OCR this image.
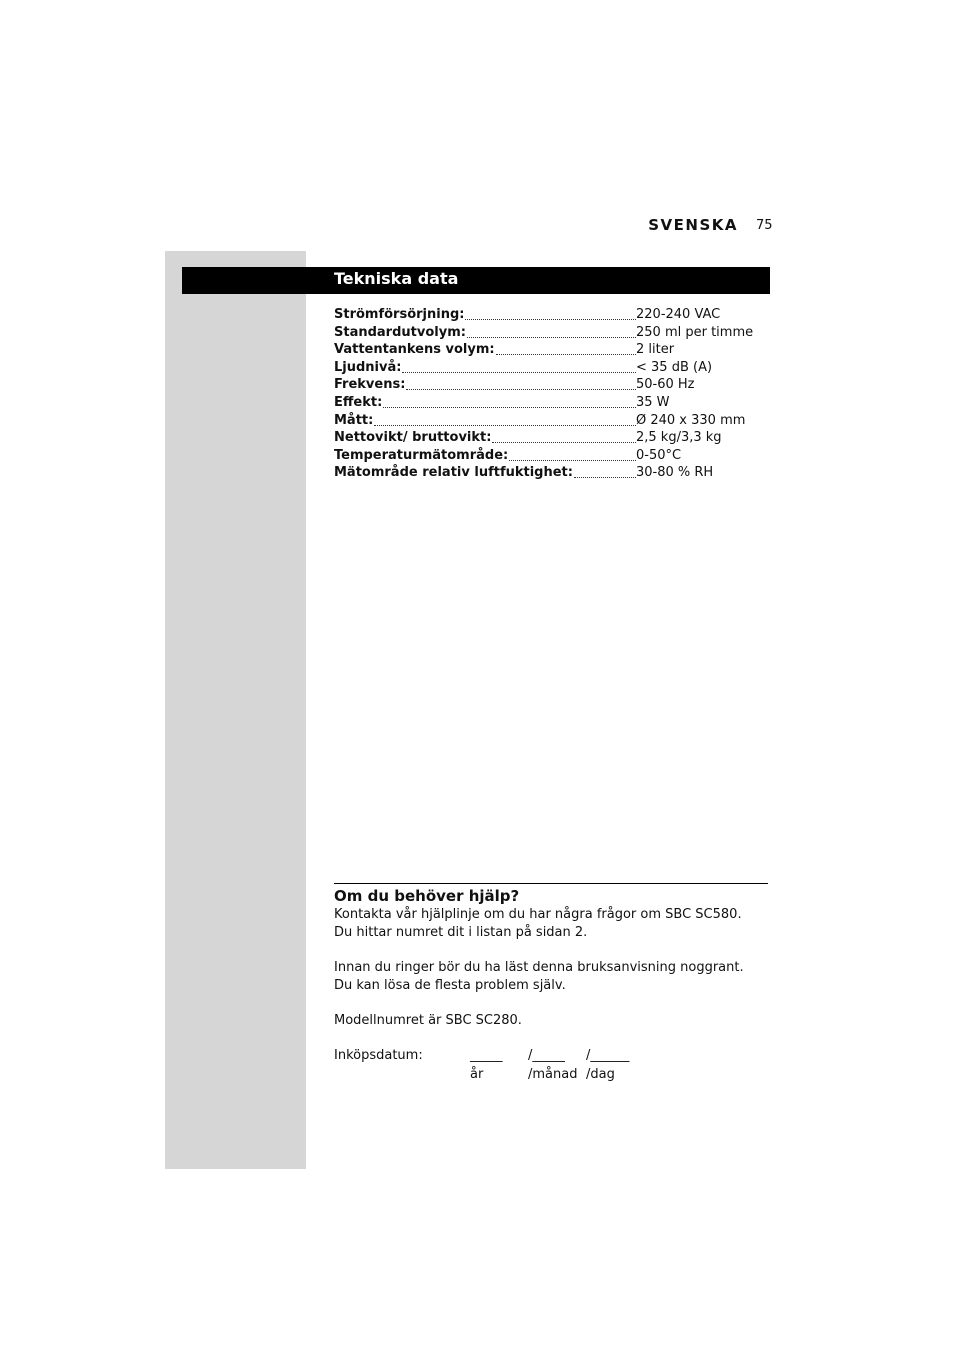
SVENSKA 75
Tekniska data
Strömförsörjning:	220-240 VAC
Standardutvolym:	250 ml per timme
Vattentankens volym:	2 liter
Ljudnivå:	< 35 dB (A)
Frekvens:	50-60 Hz
Effekt:	35 W
Mått:	Ø 240 x 330 mm
Nettovikt/ bruttovikt:	2,5 kg/3,3 kg
Temperaturmätområde:	0-50°C
Mätområde relativ luftfuktighet:	30-80 % RH
Om du behöver hjälp?
Kontakta vår hjälplinje om du har några frågor om SBC SC580.
Du hittar numret dit i listan på sidan 2.
Innan du ringer bör du ha läst denna bruksanvisning noggrant.
Du kan lösa de flesta problem själv.
Modellnumret är SBC SC280.
Inköpsdatum:	_____ /_____ /______
år	/månad /dag
